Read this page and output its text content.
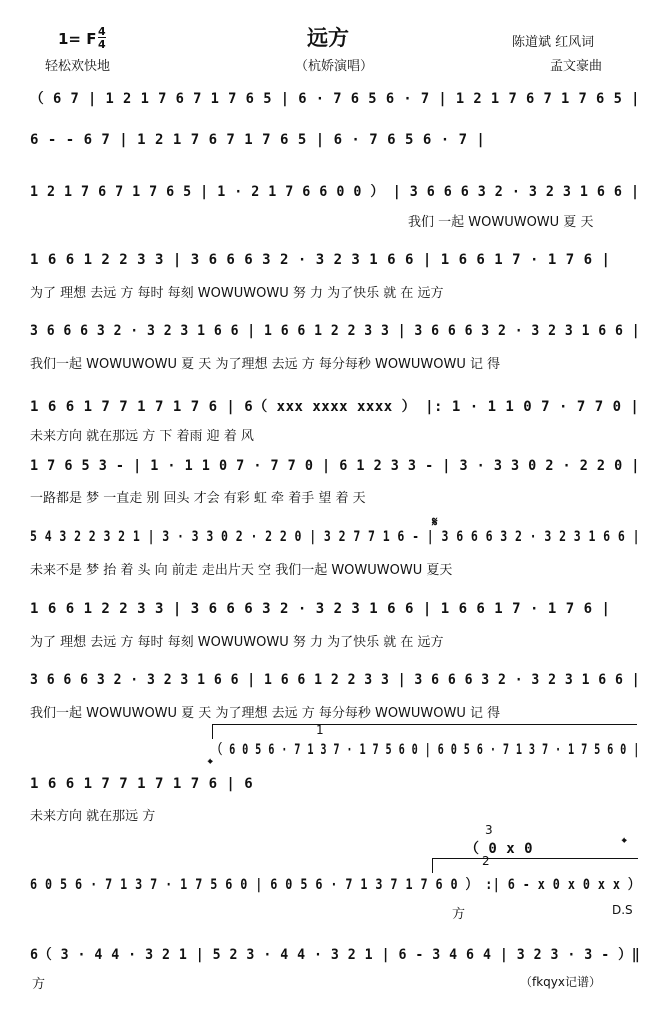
1= F 4
4
轻松欢快地
远方
（杭娇演唱）
陈道斌 红风词
孟文豪曲
（ 6 7 | 1 2 1 7 6 7 1 7 6 5 | 6 · 7 6 5 6 · 7 | 1 2 1 7 6 7 1 7 6 5 |
6 - - 6 7 | 1 2 1 7 6 7 1 7 6 5 | 6 · 7 6 5 6 · 7 |
1 2 1 7 6 7 1 7 6 5 | 1 · 2 1 7 6 6 0 0 ） | 3 6 6 6 3 2 · 3 2 3 1 6 6 |
我们 一起 WOWUWOWU 夏 天
1 6 6 1 2 2 3 3 | 3 6 6 6 3 2 · 3 2 3 1 6 6 | 1 6 6 1 7 · 1 7 6 |
为了 理想 去远 方 每时 每刻 WOWUWOWU 努 力 为了快乐 就 在 远方
3 6 6 6 3 2 · 3 2 3 1 6 6 | 1 6 6 1 2 2 3 3 | 3 6 6 6 3 2 · 3 2 3 1 6 6 |
我们一起 WOWUWOWU 夏 天 为了理想 去远 方 每分每秒 WOWUWOWU 记 得
1 6 6 1 7 7 1 7 1 7 6 | 6（ xxx xxxx xxxx ） |: 1 · 1 1 0 7 · 7 7 0 |
未来方向 就在那远 方 下 着雨 迎 着 风
1 7 6 5 3 - | 1 · 1 1 0 7 · 7 7 0 | 6 1 2 3 3 - | 3 · 3 3 0 2 · 2 2 0 |
一路都是 梦 一直走 别 回头 才会 有彩 虹 牵 着手 望 着 天
𝄋
5 4 3 2 2 3 2 1 | 3 · 3 3 0 2 · 2 2 0 | 3 2 7 7 1 6 - | 3 6 6 6 3 2 · 3 2 3 1 6 6 |
未来不是 梦 抬 着 头 向 前走 走出片天 空 我们一起 WOWUWOWU 夏天
1 6 6 1 2 2 3 3 | 3 6 6 6 3 2 · 3 2 3 1 6 6 | 1 6 6 1 7 · 1 7 6 |
为了 理想 去远 方 每时 每刻 WOWUWOWU 努 力 为了快乐 就 在 远方
3 6 6 6 3 2 · 3 2 3 1 6 6 | 1 6 6 1 2 2 3 3 | 3 6 6 6 3 2 · 3 2 3 1 6 6 |
我们一起 WOWUWOWU 夏 天 为了理想 去远 方 每分每秒 WOWUWOWU 记 得
1
（ 6 0 5 6 · 7 1 3 7 · 1 7 5 6 0 | 6 0 5 6 · 7 1 3 7 · 1 7 5 6 0 |
𝄌
1 6 6 1 7 7 1 7 1 7 6 | 6
未来方向 就在那远 方
3
（ 0 x 0	𝄌
2
6 0 5 6 · 7 1 3 7 · 1 7 5 6 0 | 6 0 5 6 · 7 1 3 7 1 7 6 0 ） :| 6 - x 0 x 0 x x ）
方	D.S
6（ 3 · 4 4 · 3 2 1 | 5 2 3 · 4 4 · 3 2 1 | 6 - 3 4 6 4 | 3 2 3 · 3 - ）‖
方	（fkqyx记谱）
